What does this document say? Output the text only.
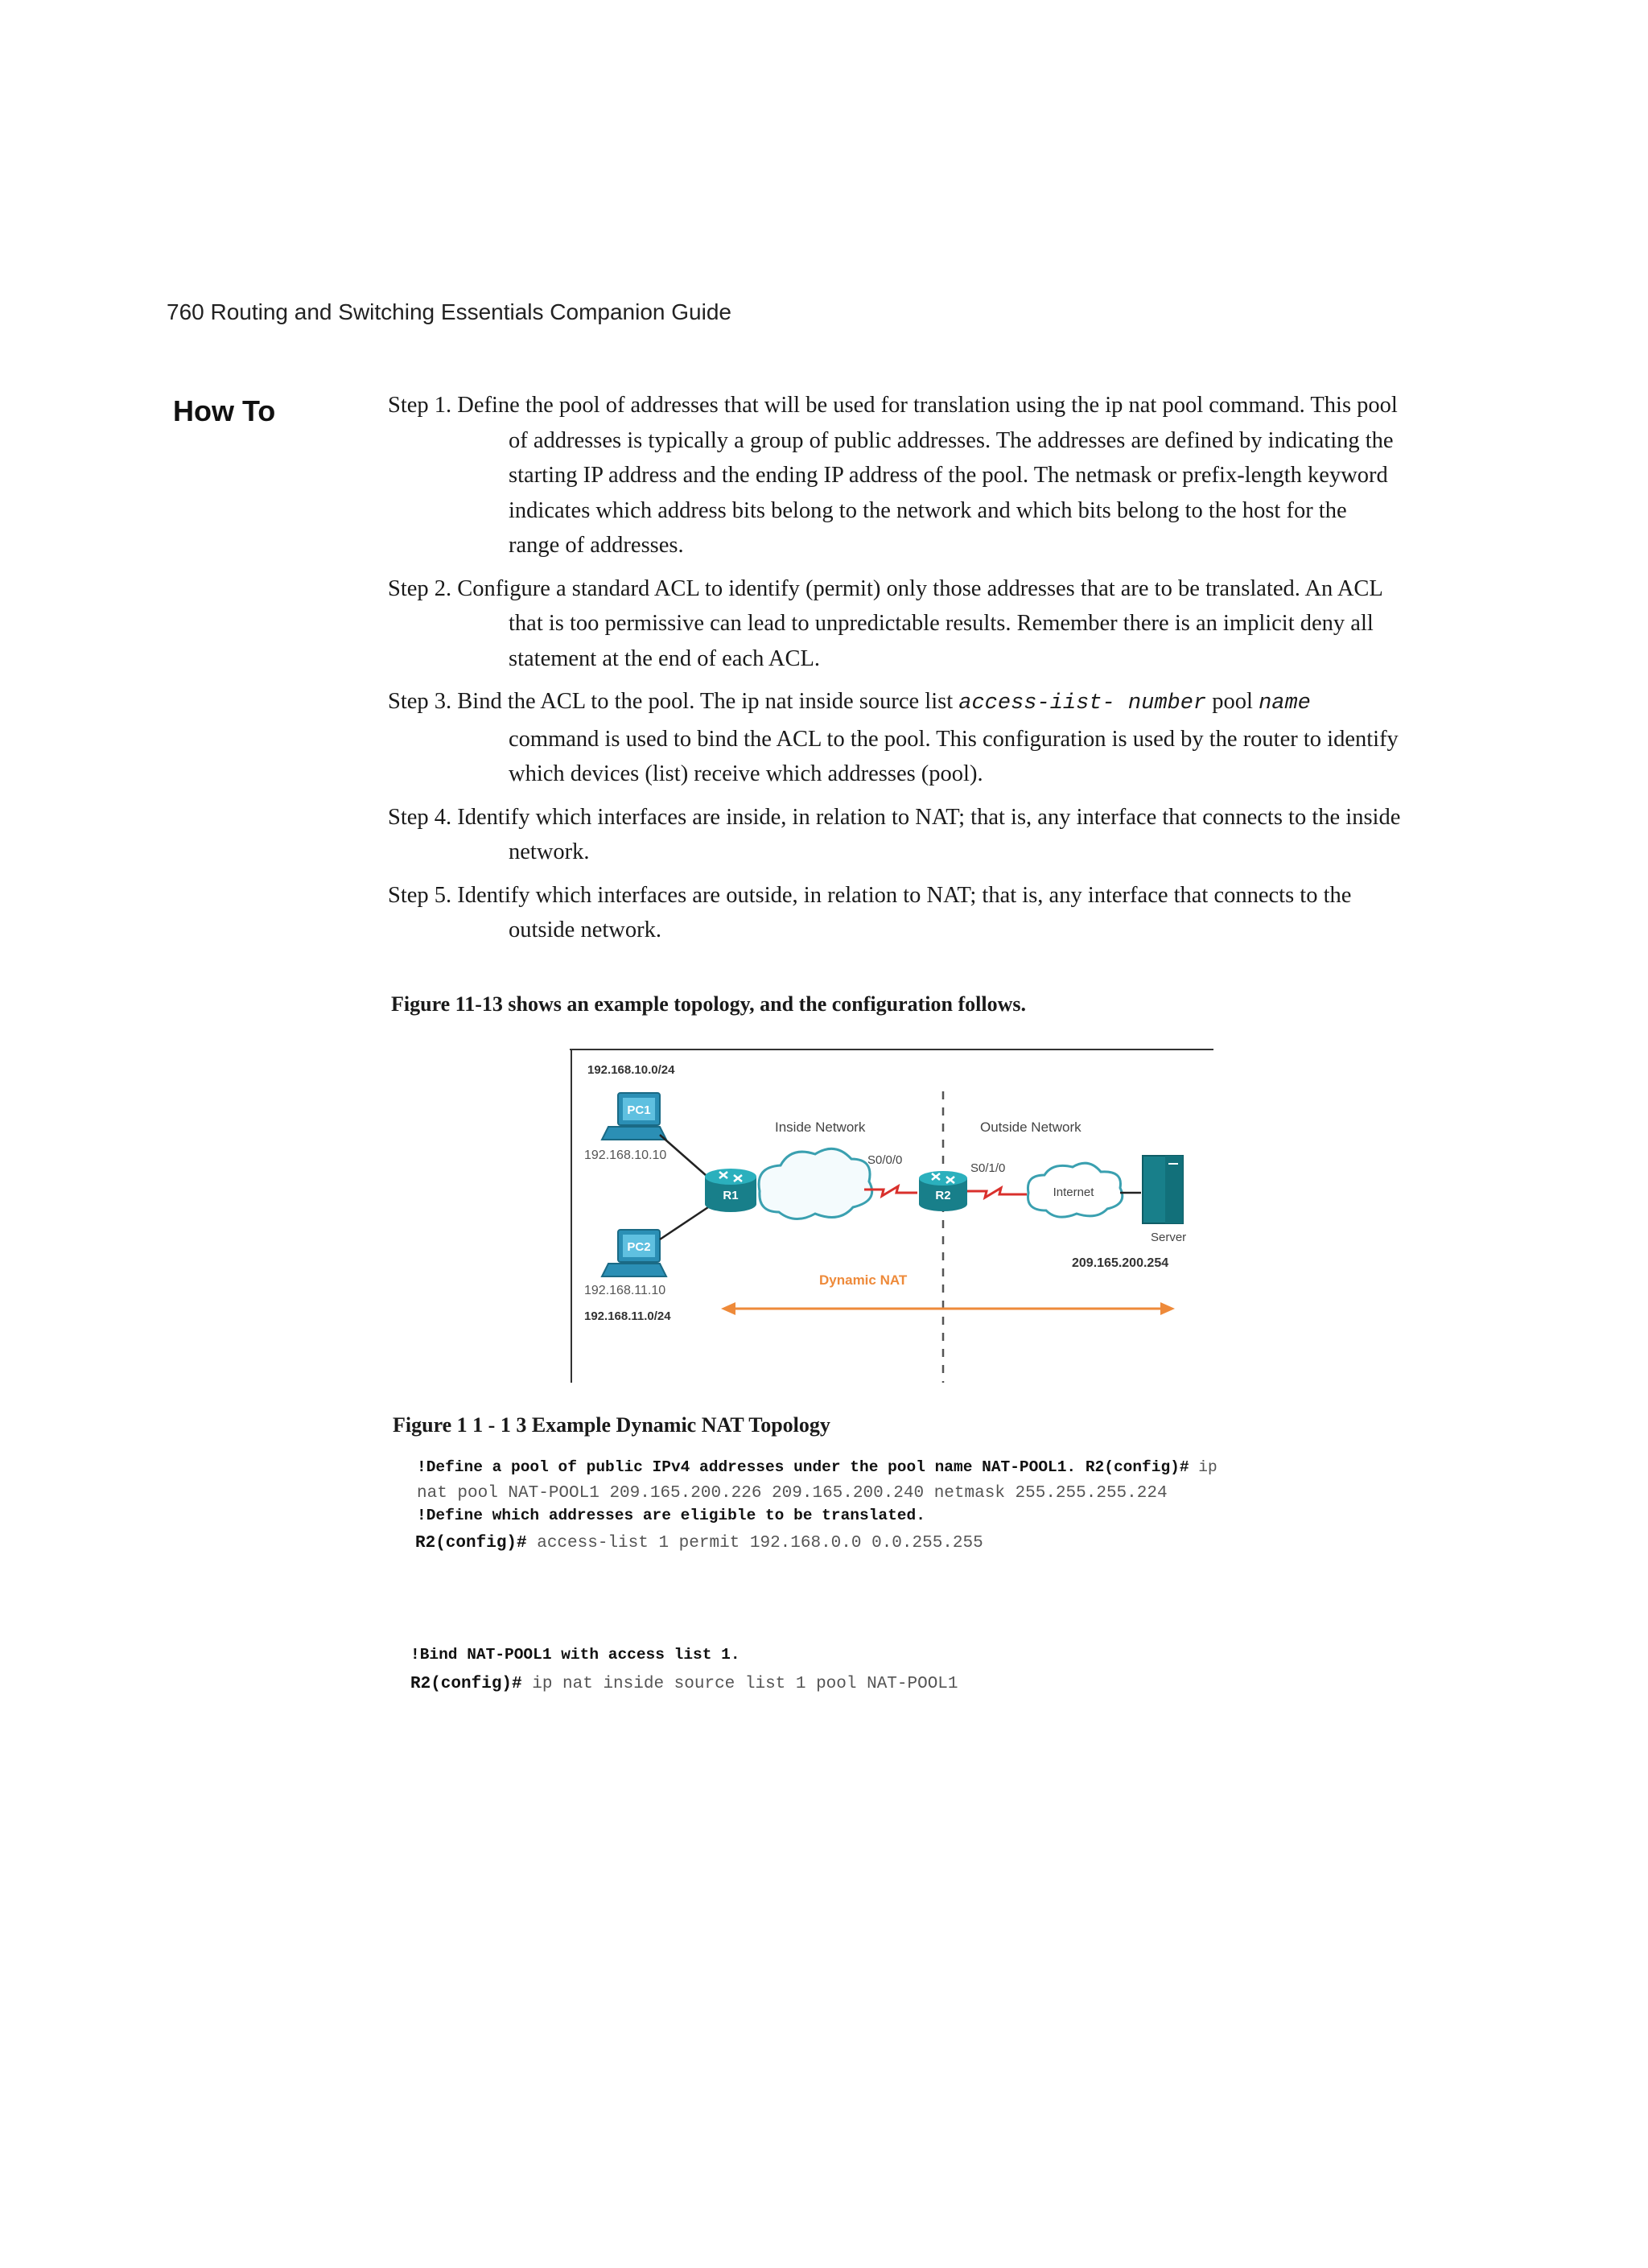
760 Routing and Switching Essentials Companion Guide
How To	Step 1. Define the pool of addresses that will be used for translation using the ip nat pool command. This pool of addresses is typically a group of public addresses. The addresses are defined by indicating the starting IP address and the ending IP address of the pool. The netmask or prefix-length keyword indicates which address bits belong to the network and which bits belong to the host for the range of addresses.
Step 2. Configure a standard ACL to identify (permit) only those addresses that are to be translated. An ACL that is too permissive can lead to unpredictable results. Remember there is an implicit deny all statement at the end of each ACL.
Step 3. Bind the ACL to the pool. The ip nat inside source list access-iist- number pool name command is used to bind the ACL to the pool. This configuration is used by the router to identify which devices (list) receive which addresses (pool).
Step 4. Identify which interfaces are inside, in relation to NAT; that is, any interface that connects to the inside network.
Step 5. Identify which interfaces are outside, in relation to NAT; that is, any interface that connects to the outside network.
Figure 11-13 shows an example topology, and the configuration follows.
192.168.10.0/24
PC1
192.168.10.10
PC2
192.168.11.10
192.168.11.0/24
R1
Inside Network
S0/0/0
R2
Outside Network
S0/1/0
Internet
Server
209.165.200.254
Dynamic NAT
Figure 1 1 - 1 3 Example Dynamic NAT Topology
!Define a pool of public IPv4 addresses under the pool name NAT-POOL1. R2(config)# ip
nat pool NAT-POOL1 209.165.200.226 209.165.200.240 netmask 255.255.255.224
!Define which addresses are eligible to be translated.
R2(config)# access-list 1 permit 192.168.0.0 0.0.255.255
!Bind NAT-POOL1 with access list 1.
R2(config)# ip nat inside source list 1 pool NAT-POOL1
